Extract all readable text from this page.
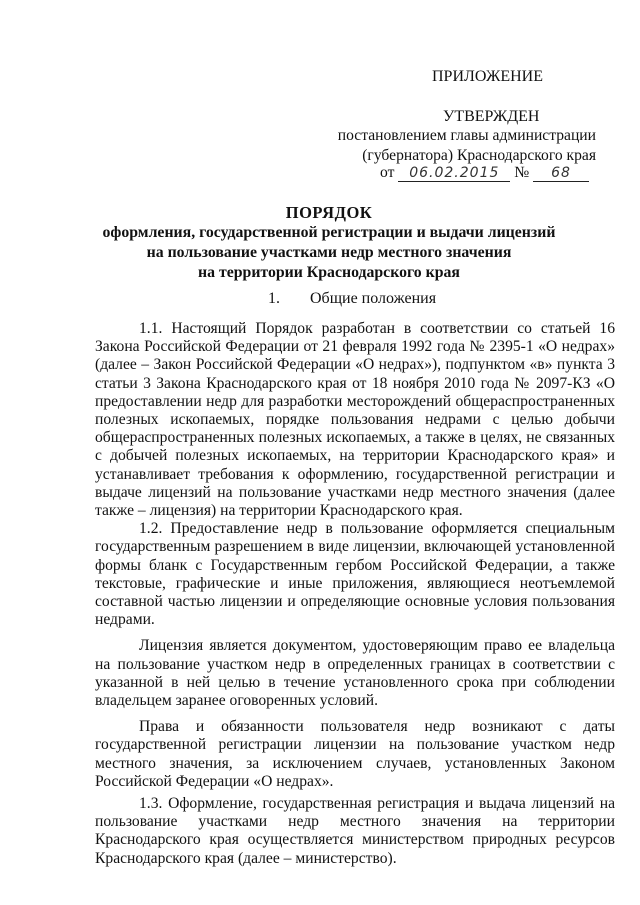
ПРИЛОЖЕНИЕ
УТВЕРЖДЕН
постановлением главы администрации
(губернатора) Краснодарского края
от 06.02.2015 № 68
ПОРЯДОК
оформления, государственной регистрации и выдачи лицензий
на пользование участками недр местного значения
на территории Краснодарского края
1. Общие положения

1.1. Настоящий Порядок разработан в соответствии со статьей 16 Закона Российской Федерации от 21 февраля 1992 года № 2395-1 «О недрах» (далее – Закон Российской Федерации «О недрах»), подпунктом «в» пункта 3 статьи 3 Закона Краснодарского края от 18 ноября 2010 года № 2097-КЗ «О предоставлении недр для разработки месторождений общераспространенных полезных ископаемых, порядке пользования недрами с целью добычи общераспространенных полезных ископаемых, а также в целях, не связанных с добычей полезных ископаемых, на территории Краснодарского края» и устанавливает требования к оформлению, государственной регистрации и выдаче лицензий на пользование участками недр местного значения (далее также – лицензия) на территории Краснодарского края.

1.2. Предоставление недр в пользование оформляется специальным государственным разрешением в виде лицензии, включающей установленной формы бланк с Государственным гербом Российской Федерации, а также текстовые, графические и иные приложения, являющиеся неотъемлемой составной частью лицензии и определяющие основные условия пользования недрами.

Лицензия является документом, удостоверяющим право ее владельца на пользование участком недр в определенных границах в соответствии с указанной в ней целью в течение установленного срока при соблюдении владельцем заранее оговоренных условий.

Права и обязанности пользователя недр возникают с даты государственной регистрации лицензии на пользование участком недр местного значения, за исключением случаев, установленных Законом Российской Федерации «О недрах».

1.3. Оформление, государственная регистрация и выдача лицензий на пользование участками недр местного значения на территории Краснодарского края осуществляется министерством природных ресурсов Краснодарского края (далее – министерство).
